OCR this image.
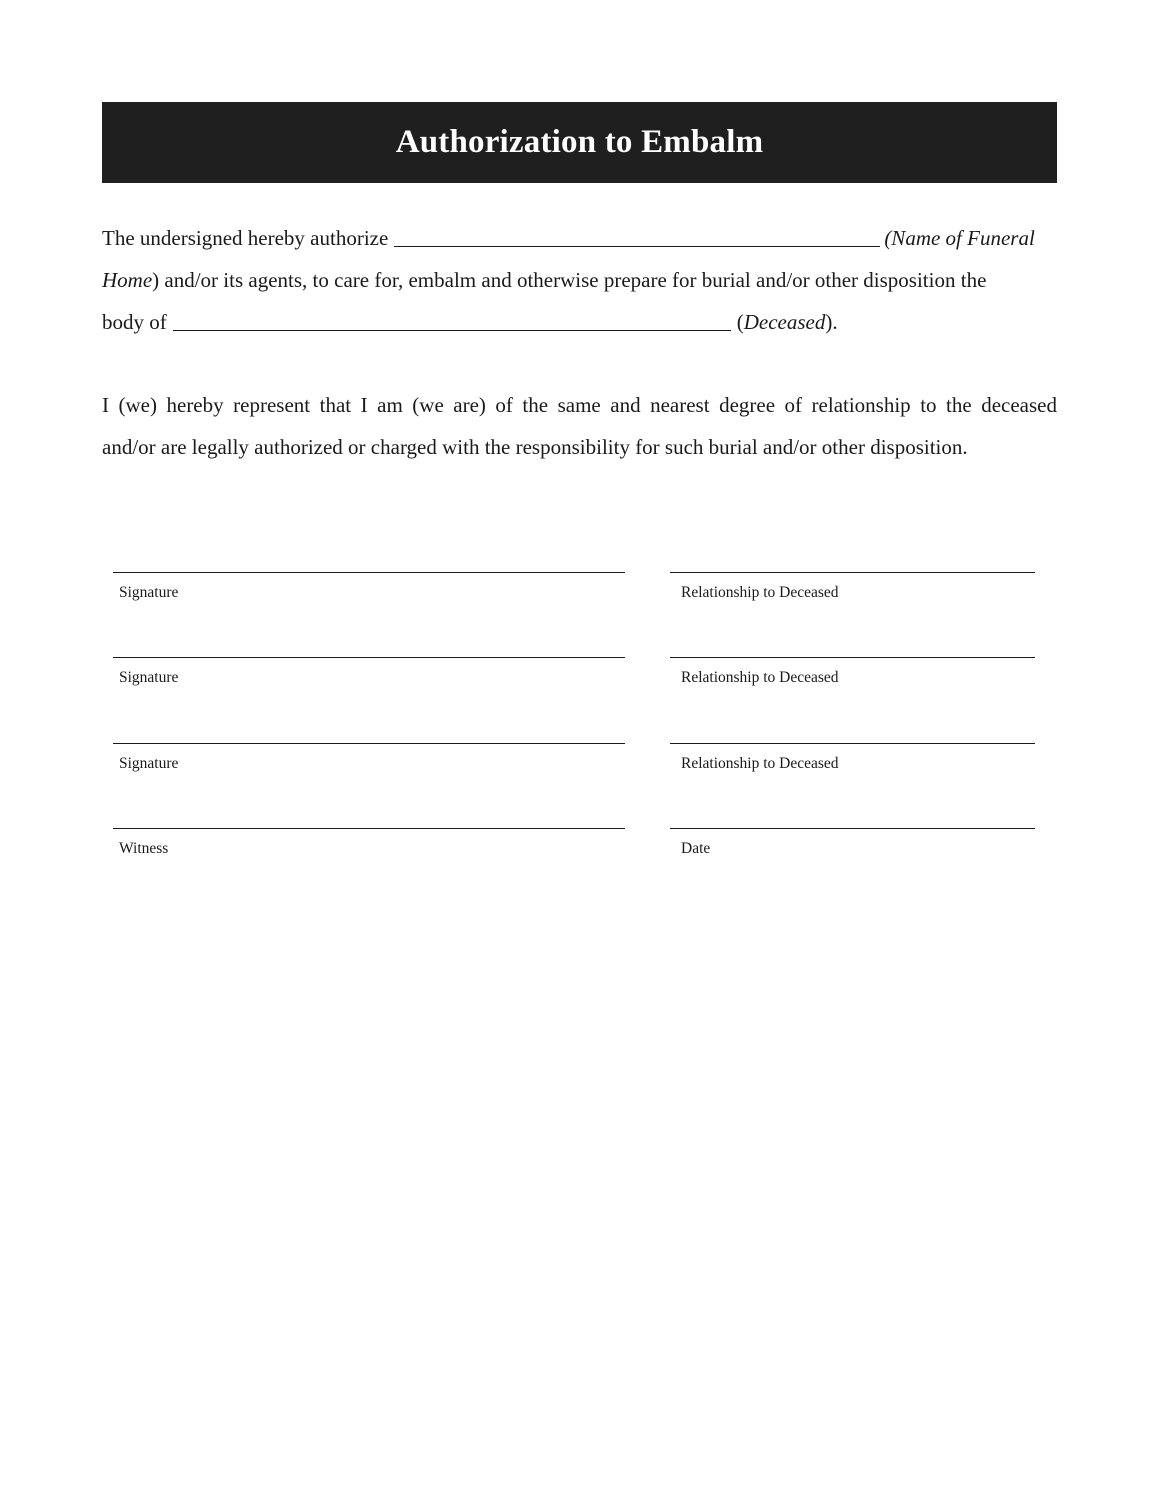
Authorization to Embalm
The undersigned hereby authorize	(Name of Funeral
Home) and/or its agents, to care for, embalm and otherwise prepare for burial and/or other disposition the
body of	( Deceased ).
I (we) hereby represent that I am (we are) of the same and nearest degree of relationship to the deceased
and/or are legally authorized or charged with the responsibility for such burial and/or other disposition.
Signature	Relationship to Deceased
Signature	Relationship to Deceased
Signature	Relationship to Deceased
Witness	Date
